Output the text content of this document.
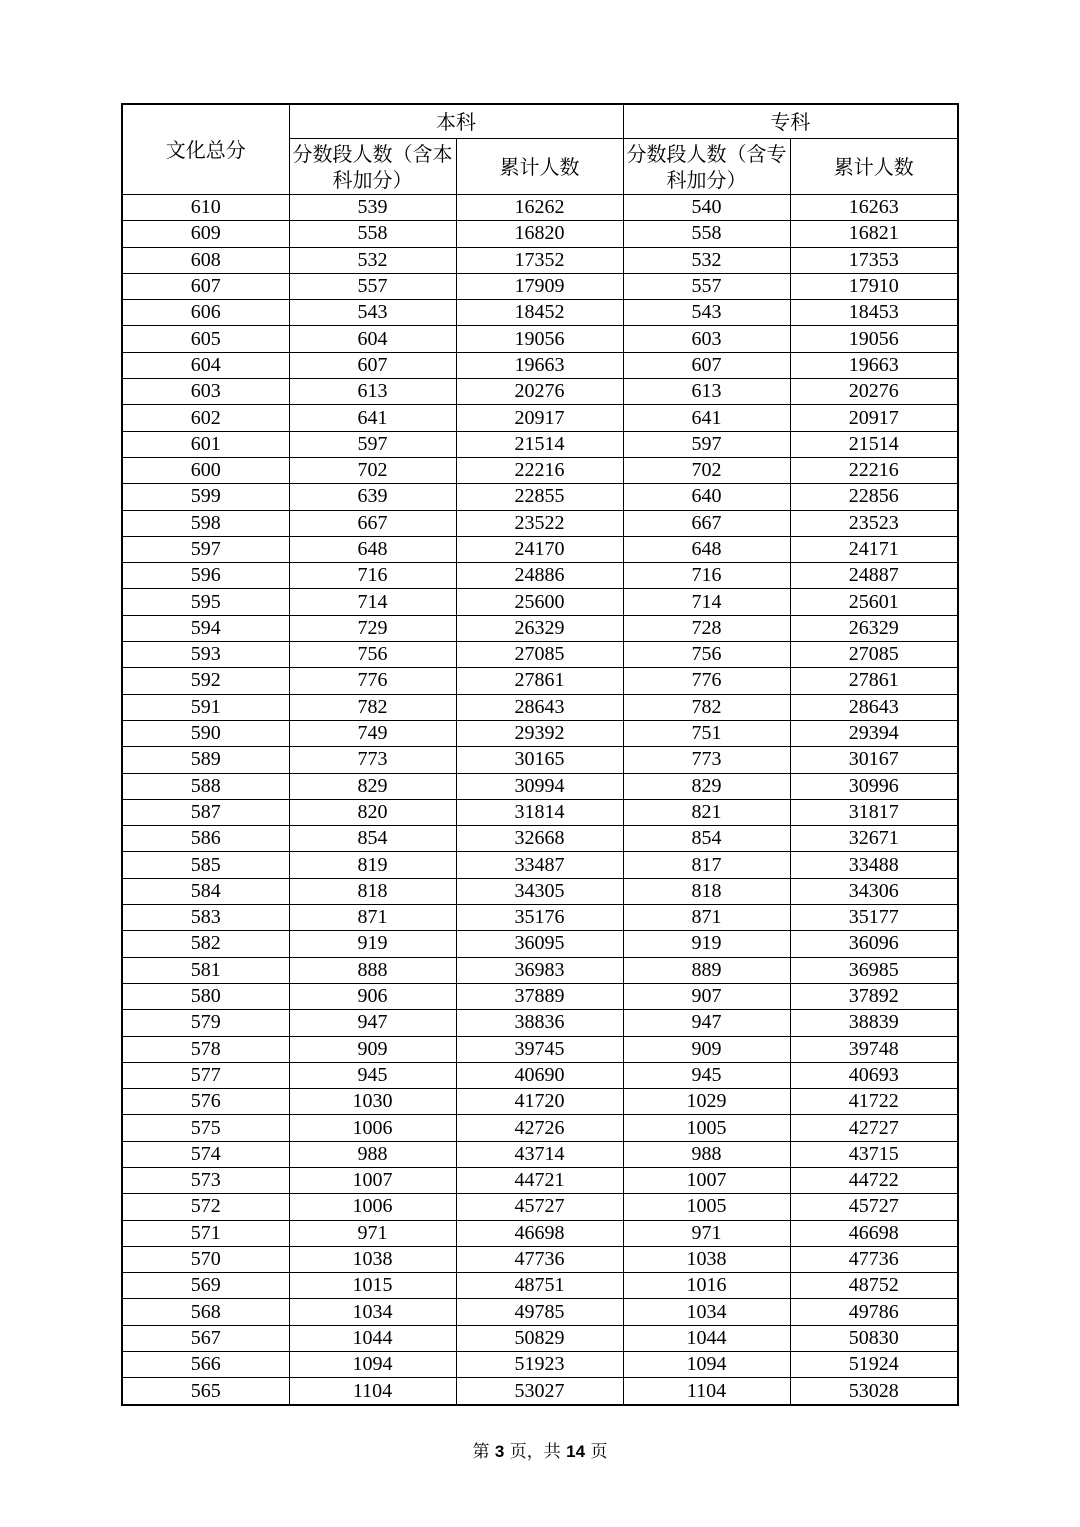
文化总分	本科		专科	
	分数段人数（含本科加分）	累计人数	分数段人数（含专科加分）	累计人数
610	539	16262	540	16263
609	558	16820	558	16821
608	532	17352	532	17353
607	557	17909	557	17910
606	543	18452	543	18453
605	604	19056	603	19056
604	607	19663	607	19663
603	613	20276	613	20276
602	641	20917	641	20917
601	597	21514	597	21514
600	702	22216	702	22216
599	639	22855	640	22856
598	667	23522	667	23523
597	648	24170	648	24171
596	716	24886	716	24887
595	714	25600	714	25601
594	729	26329	728	26329
593	756	27085	756	27085
592	776	27861	776	27861
591	782	28643	782	28643
590	749	29392	751	29394
589	773	30165	773	30167
588	829	30994	829	30996
587	820	31814	821	31817
586	854	32668	854	32671
585	819	33487	817	33488
584	818	34305	818	34306
583	871	35176	871	35177
582	919	36095	919	36096
581	888	36983	889	36985
580	906	37889	907	37892
579	947	38836	947	38839
578	909	39745	909	39748
577	945	40690	945	40693
576	1030	41720	1029	41722
575	1006	42726	1005	42727
574	988	43714	988	43715
573	1007	44721	1007	44722
572	1006	45727	1005	45727
571	971	46698	971	46698
570	1038	47736	1038	47736
569	1015	48751	1016	48752
568	1034	49785	1034	49786
567	1044	50829	1044	50830
566	1094	51923	1094	51924
565	1104	53027	1104	53028
第 3 页，共 14 页
